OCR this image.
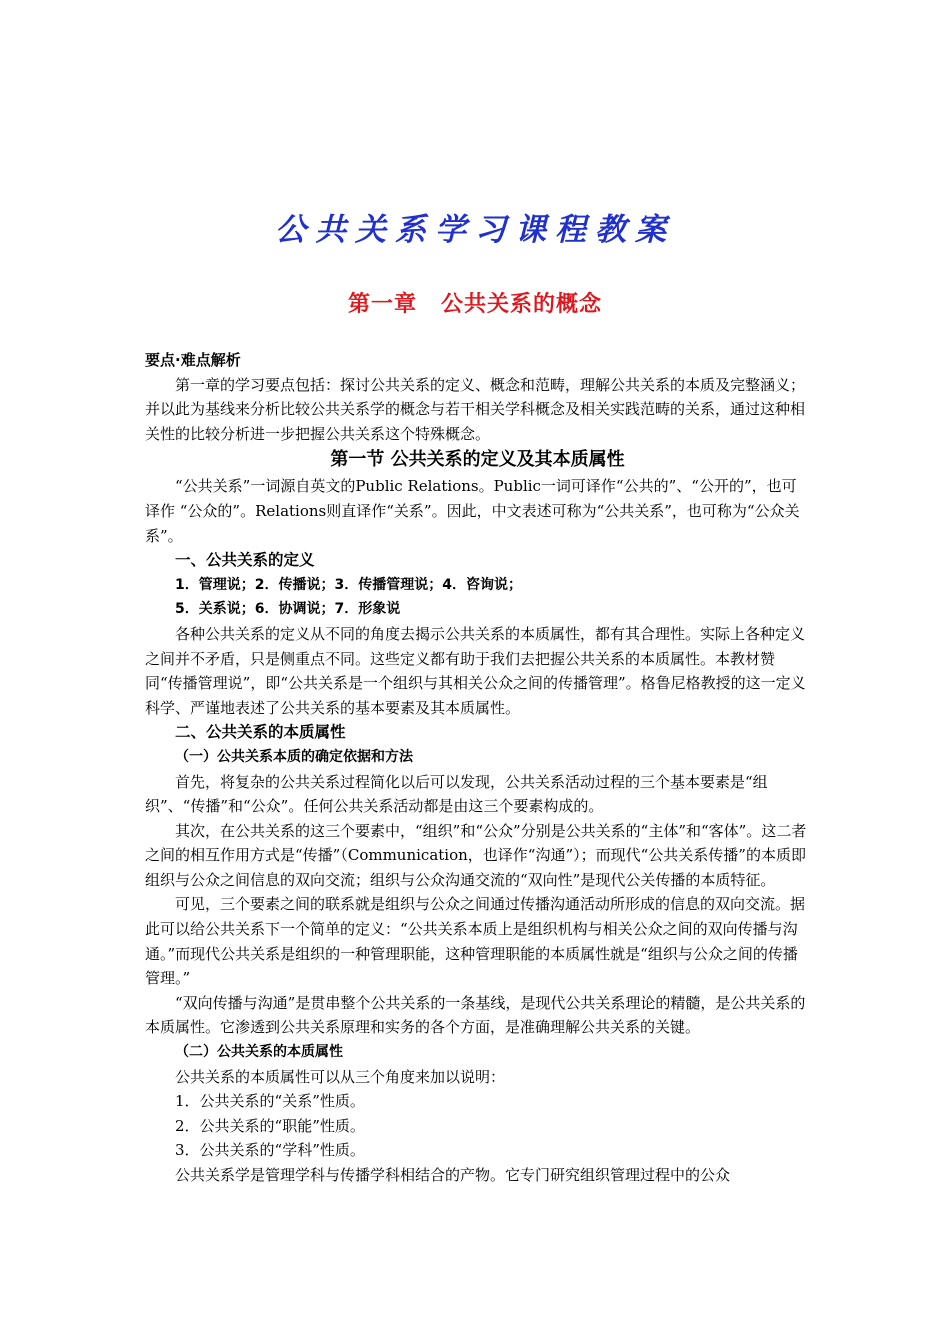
公共关系学习课程教案
第一章 公共关系的概念

要点·难点解析

第一章的学习要点包括：探讨公共关系的定义、概念和范畴，理解公共关系的本质及完整涵义；并以此为基线来分析比较公共关系学的概念与若干相关学科概念及相关实践范畴的关系，通过这种相关性的比较分析进一步把握公共关系这个特殊概念。

第一节 公共关系的定义及其本质属性

“公共关系”一词源自英文的Public Relations。Public一词可译作“公共的”、“公开的”，也可译作 “公众的”。Relations则直译作“关系”。因此，中文表述可称为“公共关系”，也可称为“公众关系”。

一、公共关系的定义

1．管理说；2．传播说；3．传播管理说；4．咨询说；

5．关系说；6．协调说；7．形象说

各种公共关系的定义从不同的角度去揭示公共关系的本质属性，都有其合理性。实际上各种定义之间并不矛盾，只是侧重点不同。这些定义都有助于我们去把握公共关系的本质属性。本教材赞同“传播管理说”，即“公共关系是一个组织与其相关公众之间的传播管理”。格鲁尼格教授的这一定义科学、严谨地表述了公共关系的基本要素及其本质属性。

二、公共关系的本质属性

（一）公共关系本质的确定依据和方法

首先，将复杂的公共关系过程简化以后可以发现，公共关系活动过程的三个基本要素是“组织”、“传播”和“公众”。任何公共关系活动都是由这三个要素构成的。

其次，在公共关系的这三个要素中，“组织”和“公众”分别是公共关系的“主体”和“客体”。这二者之间的相互作用方式是“传播”（Communication，也译作“沟通”）；而现代“公共关系传播”的本质即组织与公众之间信息的双向交流；组织与公众沟通交流的“双向性”是现代公关传播的本质特征。

可见，三个要素之间的联系就是组织与公众之间通过传播沟通活动所形成的信息的双向交流。据此可以给公共关系下一个简单的定义：“公共关系本质上是组织机构与相关公众之间的双向传播与沟通。”而现代公共关系是组织的一种管理职能，这种管理职能的本质属性就是“组织与公众之间的传播管理。”

“双向传播与沟通”是贯串整个公共关系的一条基线，是现代公共关系理论的精髓，是公共关系的本质属性。它渗透到公共关系原理和实务的各个方面，是准确理解公共关系的关键。

（二）公共关系的本质属性

公共关系的本质属性可以从三个角度来加以说明：

1．公共关系的“关系”性质。

2．公共关系的“职能”性质。

3．公共关系的“学科”性质。

公共关系学是管理学科与传播学科相结合的产物。它专门研究组织管理过程中的公众
